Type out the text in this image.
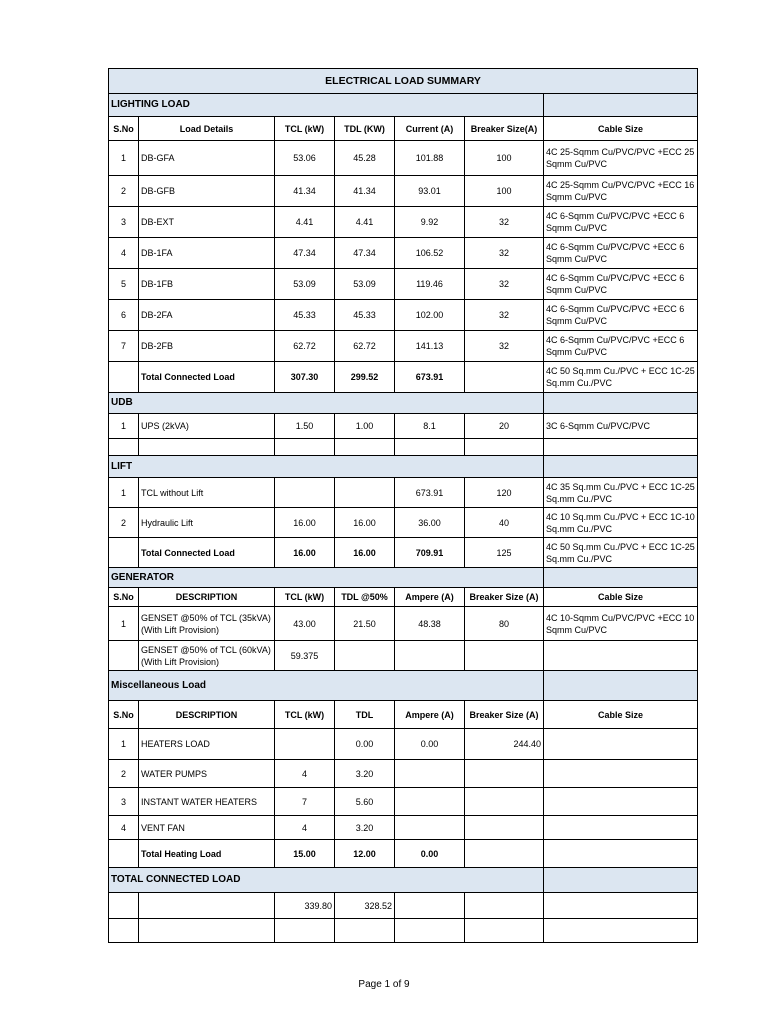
ELECTRICAL LOAD SUMMARY						
LIGHTING LOAD						
S.No	Load Details	TCL (kW)	TDL (KW)	Current (A)	Breaker Size(A)	Cable Size
1	DB-GFA	53.06	45.28	101.88	100	4C 25-Sqmm Cu/PVC/PVC +ECC 25 Sqmm Cu/PVC
2	DB-GFB	41.34	41.34	93.01	100	4C 25-Sqmm Cu/PVC/PVC +ECC 16 Sqmm Cu/PVC
3	DB-EXT	4.41	4.41	9.92	32	4C 6-Sqmm Cu/PVC/PVC +ECC 6 Sqmm Cu/PVC
4	DB-1FA	47.34	47.34	106.52	32	4C 6-Sqmm Cu/PVC/PVC +ECC 6 Sqmm Cu/PVC
5	DB-1FB	53.09	53.09	119.46	32	4C 6-Sqmm Cu/PVC/PVC +ECC 6 Sqmm Cu/PVC
6	DB-2FA	45.33	45.33	102.00	32	4C 6-Sqmm Cu/PVC/PVC +ECC 6 Sqmm Cu/PVC
7	DB-2FB	62.72	62.72	141.13	32	4C 6-Sqmm Cu/PVC/PVC +ECC 6 Sqmm Cu/PVC
	Total Connected Load	307.30	299.52	673.91		4C 50 Sq.mm Cu./PVC + ECC 1C-25 Sq.mm Cu./PVC
UDB						
1	UPS (2kVA)	1.50	1.00	8.1	20	3C 6-Sqmm Cu/PVC/PVC

LIFT						
1	TCL without Lift			673.91	120	4C 35 Sq.mm Cu./PVC + ECC 1C-25 Sq.mm Cu./PVC
2	Hydraulic Lift	16.00	16.00	36.00	40	4C 10 Sq.mm Cu./PVC + ECC 1C-10 Sq.mm Cu./PVC
	Total Connected Load	16.00	16.00	709.91	125	4C 50 Sq.mm Cu./PVC + ECC 1C-25 Sq.mm Cu./PVC
GENERATOR						
S.No	DESCRIPTION	TCL (kW)	TDL @50%	Ampere (A)	Breaker Size (A)	Cable Size
1	GENSET @50% of TCL (35kVA) (With Lift Provision)	43.00	21.50	48.38	80	4C 10-Sqmm Cu/PVC/PVC +ECC 10 Sqmm Cu/PVC
	GENSET @50% of TCL (60kVA) (With Lift Provision)	59.375				
Miscellaneous Load						
S.No	DESCRIPTION	TCL (kW)	TDL	Ampere (A)	Breaker Size (A)	Cable Size
1	HEATERS LOAD		0.00	0.00	244.40	
2	WATER PUMPS	4	3.20			
3	INSTANT WATER HEATERS	7	5.60			
4	VENT FAN	4	3.20			
	Total Heating Load	15.00	12.00	0.00		
TOTAL CONNECTED LOAD						
		339.80	328.52			

Page 1 of 9
